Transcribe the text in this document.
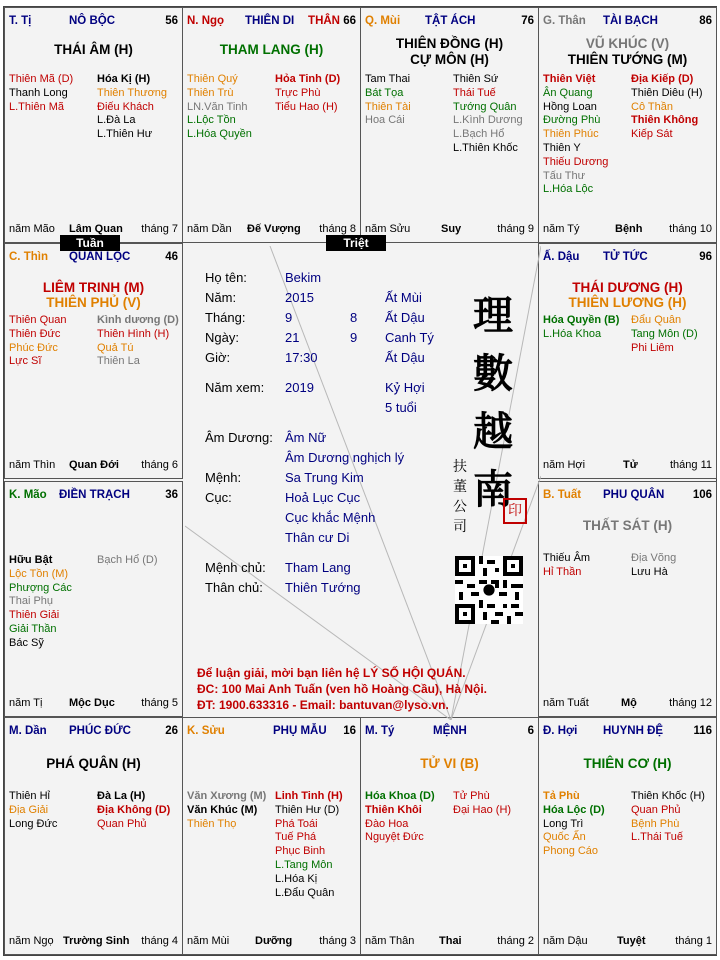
T. Tị	NÔ BỘC	56
THÁI ÂM (H)
Thiên Mã (D)
Thanh Long
L.Thiên Mã
Hóa Kị (H)
Thiên Thương
Điếu Khách
L.Đà La
L.Thiên Hư
năm Mão Lâm Quan tháng 7
N. Ngọ THIÊN DI THÂN 66
THAM LANG (H)
Thiên Quý
Thiên Trù
LN.Văn Tinh
L.Lộc Tồn
L.Hóa Quyền
Hỏa Tinh (D)
Trực Phù
Tiểu Hao (H)
năm Dần Đế Vượng tháng 8
Q. Mùi TẬT ÁCH	76
THIÊN ĐỒNG (H)
CỰ MÔN (H)
Tam Thai
Bát Tọa
Thiên Tài
Hoa Cái
Thiên Sứ
Thái Tuế
Tướng Quân
L.Kình Dương
L.Bạch Hổ
L.Thiên Khốc
năm Sửu	Suy	tháng 9
G. Thân TÀI BẠCH	86
VŨ KHÚC (V)
THIÊN TƯỚNG (M)
Thiên Việt
Ân Quang
Hồng Loan
Đường Phù
Thiên Phúc
Thiên Y
Thiếu Dương
Tấu Thư
L.Hóa Lộc
Địa Kiếp (D)
Thiên Diêu (H)
Cô Thần
Thiên Không
Kiếp Sát
năm Tý	Bệnh tháng 10
C. Thìn QUAN LỘC	46
LIÊM TRINH (M)
THIÊN PHỦ (V)
Thiên Quan
Thiên Đức
Phúc Đức
Lực Sĩ
Kình dương (D)
Thiên Hình (H)
Quả Tú
Thiên La
năm Thìn Quan Đới tháng 6
Ấ. Dậu TỬ TỨC	96
THÁI DƯƠNG (H)
THIÊN LƯƠNG (H)
Hóa Quyền (B)
L.Hóa Khoa
Đẩu Quân
Tang Môn (D)
Phi Liêm
năm Hợi	Tử	tháng 11
K. Mão ĐIỀN TRẠCH	36
Hữu Bật
Lộc Tồn (M)
Phượng Các
Thai Phụ
Thiên Giải
Giải Thần
Bác Sỹ
Bạch Hổ (D)
năm Tị Mộc Dục tháng 5
B. Tuất PHU QUÂN 106
THẤT SÁT (H)
Thiếu Âm
Hỉ Thần
Địa Võng
Lưu Hà
năm Tuất	Mộ	tháng 12
M. Dần PHÚC ĐỨC	26
PHÁ QUÂN (H)
Thiên Hỉ
Địa Giải
Long Đức
Đà La (H)
Địa Không (D)
Quan Phủ
năm Ngọ Trường Sinh tháng 4
K. Sửu	PHỤ MẪU 16
Văn Xương (M)
Văn Khúc (M)
Thiên Thọ
Linh Tinh (H)
Thiên Hư (D)
Phá Toái
Tuế Phá
Phục Binh
L.Tang Môn
L.Hóa Kị
L.Đẩu Quân
năm Mùi Dưỡng tháng 3
M. Tý	MỆNH	6
TỬ VI (B)
Hóa Khoa (D)
Thiên Khôi
Đào Hoa
Nguyệt Đức
Tử Phù
Đại Hao (H)
năm Thân Thai	tháng 2
Đ. Hợi HUYNH ĐỆ	116
THIÊN CƠ (H)
Tả Phù
Hóa Lộc (D)
Long Trì
Quốc Ấn
Phong Cáo
Thiên Khốc (H)
Quan Phủ
Bệnh Phù
L.Thái Tuế
năm Dậu	Tuyệt	tháng 1
Tuần	Triệt
Họ tên:	Bekim
Năm:	2015	Ất Mùi
Tháng:	9	8 Ất Dậu
Ngày:	21	9 Canh Tý
Giờ:	17:30	Ất Dậu
Năm xem: 2019	Kỷ Hợi
5 tuổi
Âm Dương: Âm Nữ
Âm Dương nghịch lý
Mệnh:	Sa Trung Kim
Cục:	Hoả Lục Cục
Cục khắc Mệnh
Thân cư Di
Mệnh chủ: Tham Lang
Thân chủ: Thiên Tướng
理
數
越
南
扶
董
公
司
印
Để luận giải, mời bạn liên hệ LÝ SỐ HỘI QUÁN.
ĐC: 100 Mai Anh Tuấn (ven hồ Hoàng Cầu), Hà Nội.
ĐT: 1900.633316 - Email: bantuvan@lyso.vn.
